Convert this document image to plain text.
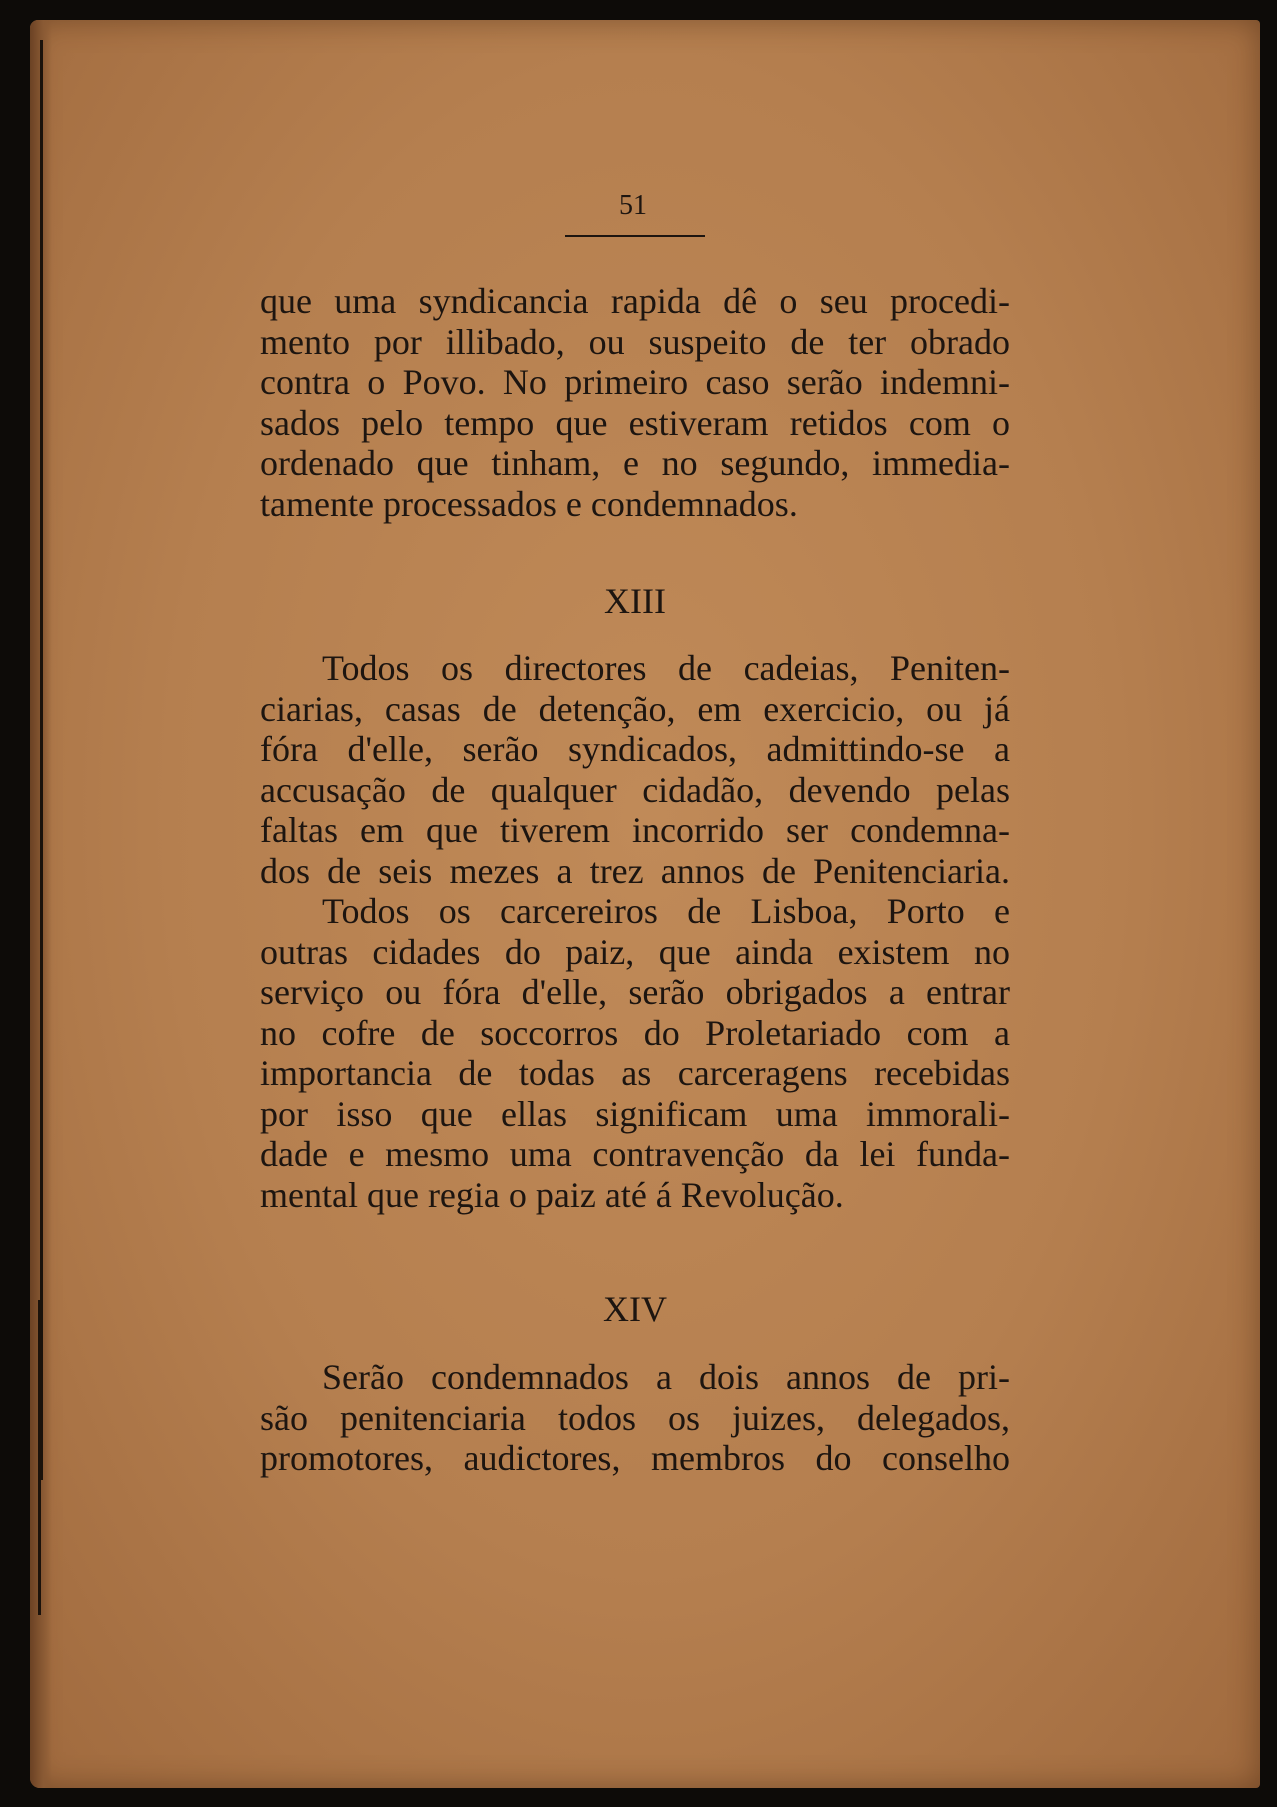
51
que uma syndicancia rapida dê o seu procedi-
mento por illibado, ou suspeito de ter obrado
contra o Povo. No primeiro caso serão indemni-
sados pelo tempo que estiveram retidos com o
ordenado que tinham, e no segundo, immedia-
tamente processados e condemnados.
XIII
Todos os directores de cadeias, Peniten-
ciarias, casas de detenção, em exercicio, ou já
fóra d'elle, serão syndicados, admittindo-se a
accusação de qualquer cidadão, devendo pelas
faltas em que tiverem incorrido ser condemna-
dos de seis mezes a trez annos de Penitenciaria.
Todos os carcereiros de Lisboa, Porto e
outras cidades do paiz, que ainda existem no
serviço ou fóra d'elle, serão obrigados a entrar
no cofre de soccorros do Proletariado com a
importancia de todas as carceragens recebidas
por isso que ellas significam uma immorali-
dade e mesmo uma contravenção da lei funda-
mental que regia o paiz até á Revolução.
XIV
Serão condemnados a dois annos de pri-
são penitenciaria todos os juizes, delegados,
promotores, audictores, membros do conselho
